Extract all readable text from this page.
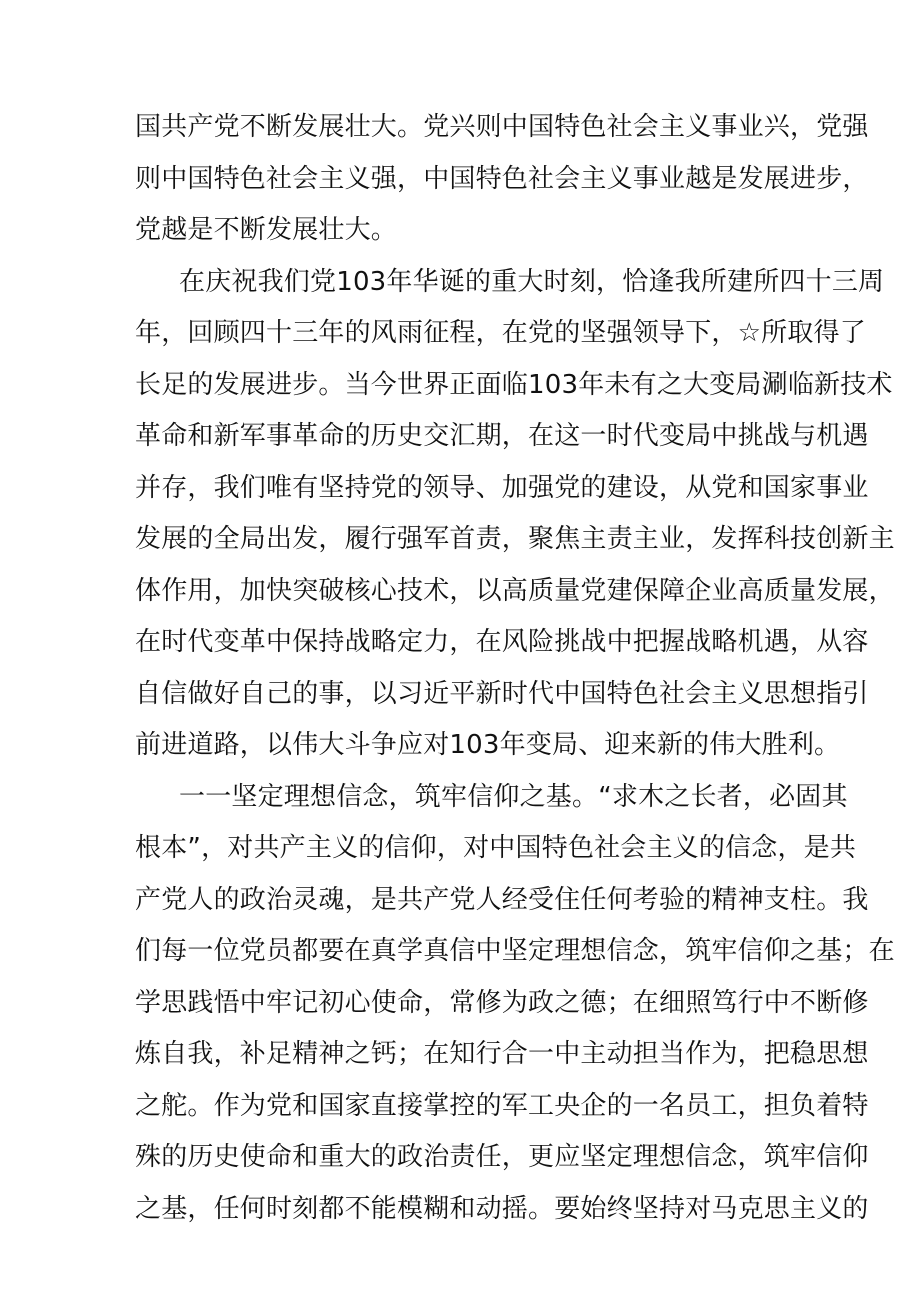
国共产党不断发展壮大。党兴则中国特色社会主义事业兴，党强
则中国特色社会主义强，中国特色社会主义事业越是发展进步，
党越是不断发展壮大。
在庆祝我们党103年华诞的重大时刻，恰逢我所建所四十三周
年，回顾四十三年的风雨征程，在党的坚强领导下，☆所取得了
长足的发展进步。当今世界正面临103年未有之大变局涮临新技术
革命和新军事革命的历史交汇期，在这一时代变局中挑战与机遇
并存，我们唯有坚持党的领导、加强党的建设，从党和国家事业
发展的全局出发，履行强军首责，聚焦主责主业，发挥科技创新主
体作用，加快突破核心技术，以高质量党建保障企业高质量发展，
在时代变革中保持战略定力，在风险挑战中把握战略机遇，从容
自信做好自己的事，以习近平新时代中国特色社会主义思想指引
前进道路，以伟大斗争应对103年变局、迎来新的伟大胜利。
一一坚定理想信念，筑牢信仰之基。“求木之长者，必固其
根本”，对共产主义的信仰，对中国特色社会主义的信念，是共
产党人的政治灵魂，是共产党人经受住任何考验的精神支柱。我
们每一位党员都要在真学真信中坚定理想信念，筑牢信仰之基；在
学思践悟中牢记初心使命，常修为政之德；在细照笃行中不断修
炼自我，补足精神之钙；在知行合一中主动担当作为，把稳思想
之舵。作为党和国家直接掌控的军工央企的一名员工，担负着特
殊的历史使命和重大的政治责任，更应坚定理想信念，筑牢信仰
之基，任何时刻都不能模糊和动摇。要始终坚持对马克思主义的
